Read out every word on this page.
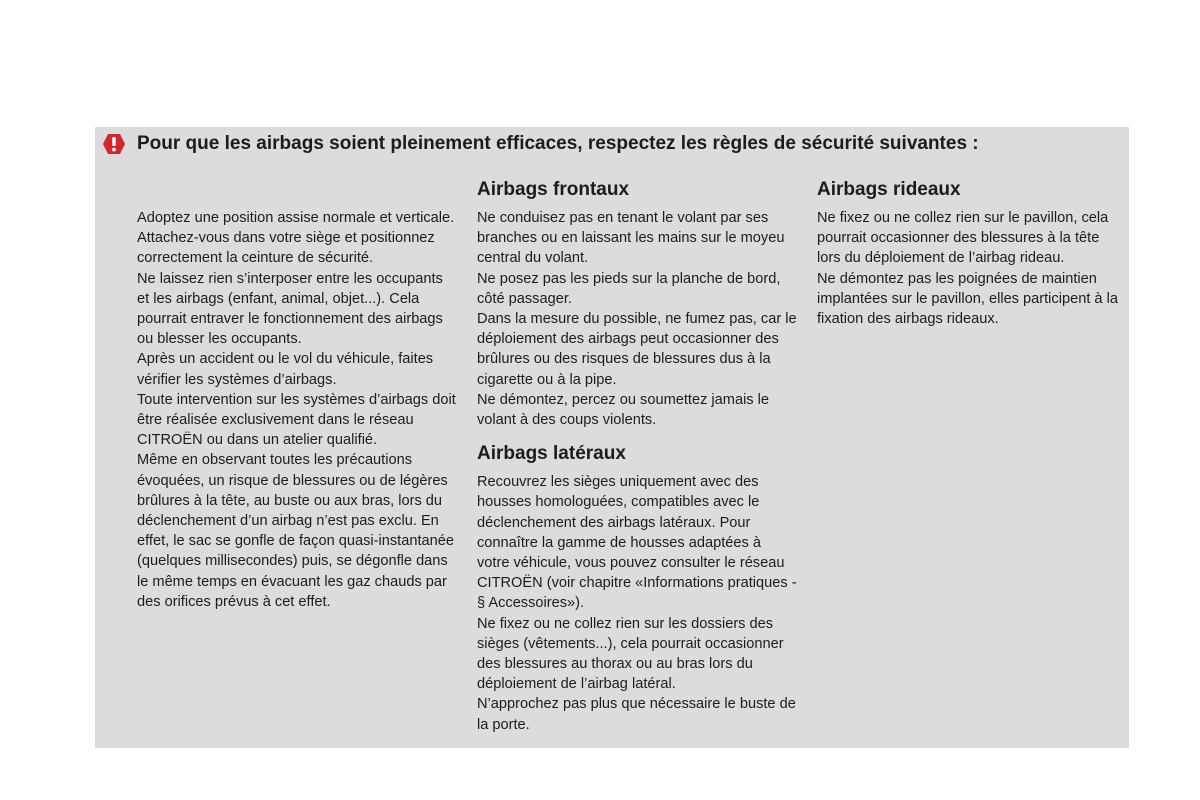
Pour que les airbags soient pleinement efficaces, respectez les règles de sécurité suivantes :

Adoptez une position assise normale et verticale.

Attachez-vous dans votre siège et positionnez correctement la ceinture de sécurité.

Ne laissez rien s’interposer entre les occupants et les airbags (enfant, animal, objet...). Cela pourrait entraver le fonctionnement des airbags ou blesser les occupants.

Après un accident ou le vol du véhicule, faites vérifier les systèmes d’airbags.

Toute intervention sur les systèmes d’airbags doit être réalisée exclusivement dans le réseau CITROËN ou dans un atelier qualifié.

Même en observant toutes les précautions évoquées, un risque de blessures ou de légères brûlures à la tête, au buste ou aux bras, lors du déclenchement d’un airbag n’est pas exclu. En effet, le sac se gonfle de façon quasi-instantanée (quelques millisecondes) puis, se dégonfle dans le même temps en évacuant les gaz chauds par des orifices prévus à cet effet.

Airbags frontaux

Ne conduisez pas en tenant le volant par ses branches ou en laissant les mains sur le moyeu central du volant.

Ne posez pas les pieds sur la planche de bord, côté passager.

Dans la mesure du possible, ne fumez pas, car le déploiement des airbags peut occasionner des brûlures ou des risques de blessures dus à la cigarette ou à la pipe.

Ne démontez, percez ou soumettez jamais le volant à des coups violents.

Airbags latéraux

Recouvrez les sièges uniquement avec des housses homologuées, compatibles avec le déclenchement des airbags latéraux. Pour connaître la gamme de housses adaptées à votre véhicule, vous pouvez consulter le réseau CITROËN (voir chapitre «Informations pratiques - § Accessoires»).

Ne fixez ou ne collez rien sur les dossiers des sièges (vêtements...), cela pourrait occasionner des blessures au thorax ou au bras lors du déploiement de l’airbag latéral.

N’approchez pas plus que nécessaire le buste de la porte.

Airbags rideaux

Ne fixez ou ne collez rien sur le pavillon, cela pourrait occasionner des blessures à la tête lors du déploiement de l’airbag rideau.

Ne démontez pas les poignées de maintien implantées sur le pavillon, elles participent à la fixation des airbags rideaux.
